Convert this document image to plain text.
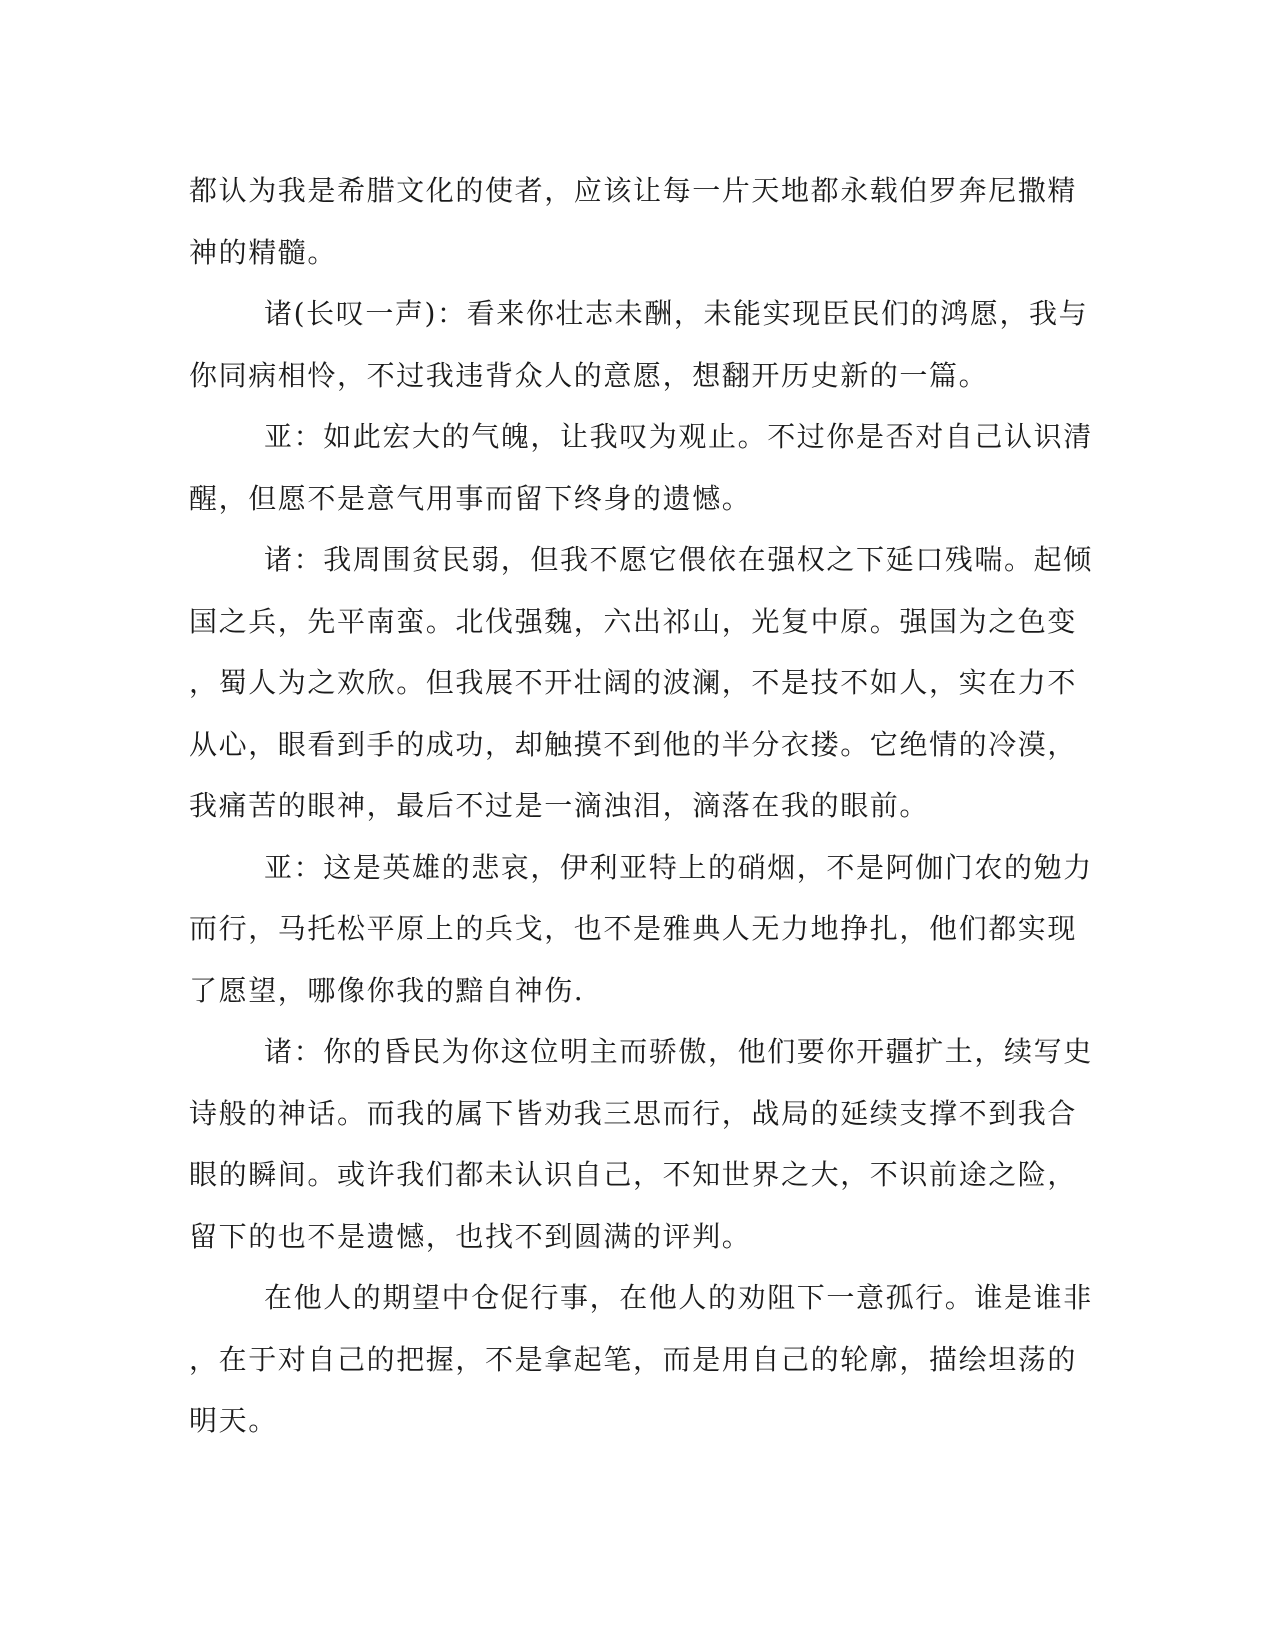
都认为我是希腊文化的使者，应该让每一片天地都永载伯罗奔尼撒精
神的精髓。
诸(长叹一声)：看来你壮志未酬，未能实现臣民们的鸿愿，我与
你同病相怜，不过我违背众人的意愿，想翻开历史新的一篇。
亚：如此宏大的气魄，让我叹为观止。不过你是否对自己认识清
醒，但愿不是意气用事而留下终身的遗憾。
诸：我周围贫民弱，但我不愿它偎依在强权之下延口残喘。起倾
国之兵，先平南蛮。北伐强魏，六出祁山，光复中原。强国为之色变
，蜀人为之欢欣。但我展不开壮阔的波澜，不是技不如人，实在力不
从心，眼看到手的成功，却触摸不到他的半分衣搂。它绝情的冷漠，
我痛苦的眼神，最后不过是一滴浊泪，滴落在我的眼前。
亚：这是英雄的悲哀，伊利亚特上的硝烟，不是阿伽门农的勉力
而行，马托松平原上的兵戈，也不是雅典人无力地挣扎，他们都实现
了愿望，哪像你我的黯自神伤.
诸：你的昏民为你这位明主而骄傲，他们要你开疆扩土，续写史
诗般的神话。而我的属下皆劝我三思而行，战局的延续支撑不到我合
眼的瞬间。或许我们都未认识自己，不知世界之大，不识前途之险，
留下的也不是遗憾，也找不到圆满的评判。
在他人的期望中仓促行事，在他人的劝阻下一意孤行。谁是谁非
，在于对自己的把握，不是拿起笔，而是用自己的轮廓，描绘坦荡的
明天。
